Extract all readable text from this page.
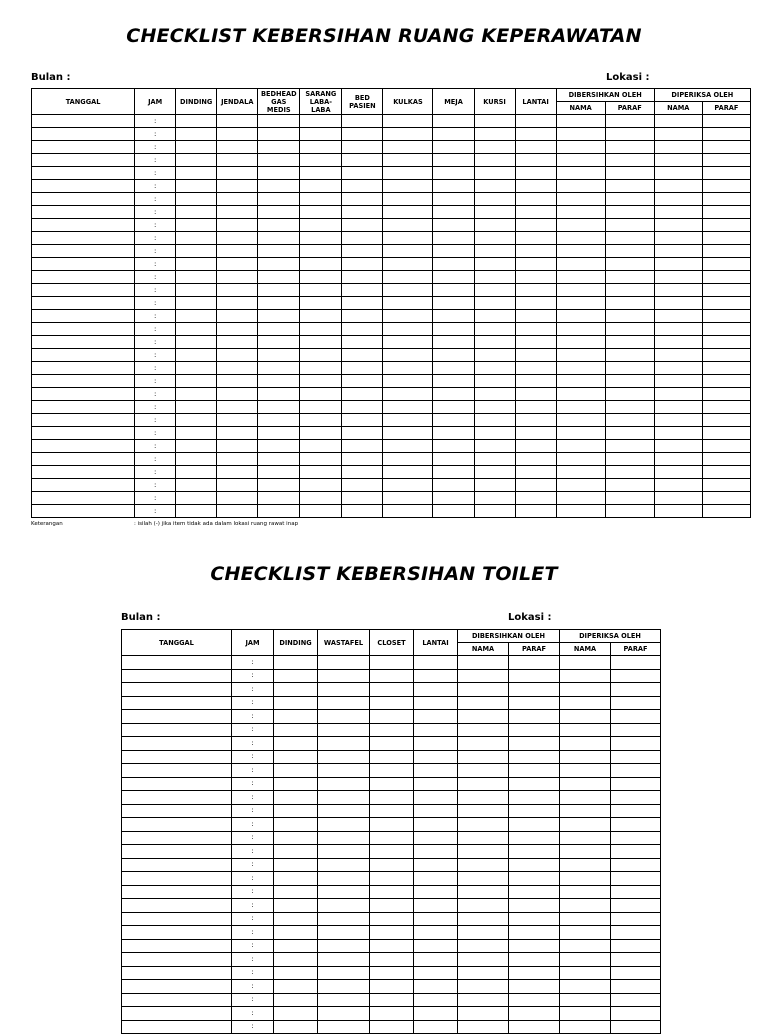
CHECKLIST KEBERSIHAN RUANG KEPERAWATAN
Bulan :	Lokasi :
TANGGAL	JAM	DINDING	JENDALA	BEDHEAD GAS MEDIS	SARANG LABA-LABA	BED PASIEN	KULKAS	MEJA	KURSI	LANTAI	DIBERSIHKAN OLEH		DIPERIKSA OLEH	
											NAMA	PARAF	NAMA	PARAF
	:													
	:													
	:													
	:													
	:													
	:													
	:													
	:													
	:													
	:													
	:													
	:													
	:													
	:													
	:													
	:													
	:													
	:													
	:													
	:													
	:													
	:													
	:													
	:													
	:													
	:													
	:													
	:													
	:													
	:													
	:													
Keterangan	: isilah (-) jika item tidak ada dalam lokasi ruang rawat inap
CHECKLIST KEBERSIHAN TOILET
Bulan :	Lokasi :
TANGGAL	JAM	DINDING	WASTAFEL	CLOSET	LANTAI	DIBERSIHKAN OLEH		DIPERIKSA OLEH	
						NAMA	PARAF	NAMA	PARAF
	:								
	:								
	:								
	:								
	:								
	:								
	:								
	:								
	:								
	:								
	:								
	:								
	:								
	:								
	:								
	:								
	:								
	:								
	:								
	:								
	:								
	:								
	:								
	:								
	:								
	:								
	:								
	:								
